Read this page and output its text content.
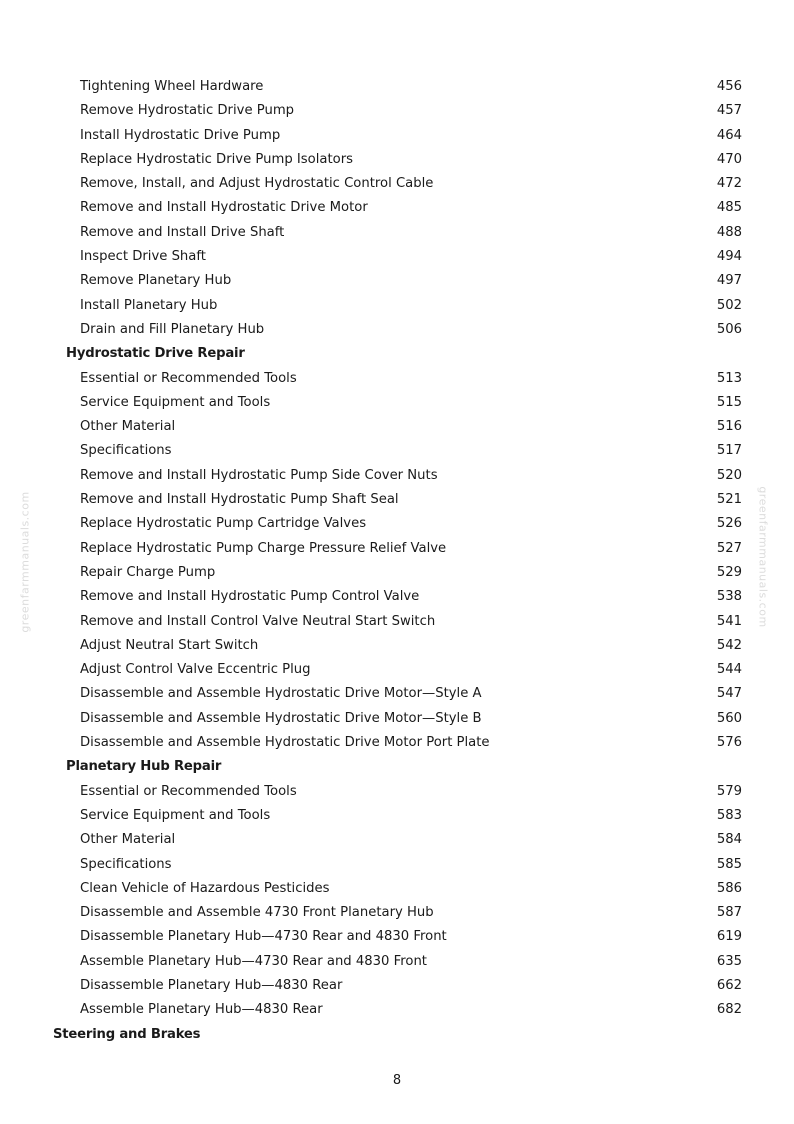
Tightening Wheel Hardware	456
Remove Hydrostatic Drive Pump	457
Install Hydrostatic Drive Pump	464
Replace Hydrostatic Drive Pump Isolators	470
Remove, Install, and Adjust Hydrostatic Control Cable	472
Remove and Install Hydrostatic Drive Motor	485
Remove and Install Drive Shaft	488
Inspect Drive Shaft	494
Remove Planetary Hub	497
Install Planetary Hub	502
Drain and Fill Planetary Hub	506
Hydrostatic Drive Repair
Essential or Recommended Tools	513
Service Equipment and Tools	515
Other Material	516
Specifications	517
Remove and Install Hydrostatic Pump Side Cover Nuts	520
Remove and Install Hydrostatic Pump Shaft Seal	521
Replace Hydrostatic Pump Cartridge Valves	526
Replace Hydrostatic Pump Charge Pressure Relief Valve	527
Repair Charge Pump	529
Remove and Install Hydrostatic Pump Control Valve	538
Remove and Install Control Valve Neutral Start Switch	541
Adjust Neutral Start Switch	542
Adjust Control Valve Eccentric Plug	544
Disassemble and Assemble Hydrostatic Drive Motor—Style A	547
Disassemble and Assemble Hydrostatic Drive Motor—Style B	560
Disassemble and Assemble Hydrostatic Drive Motor Port Plate	576
Planetary Hub Repair
Essential or Recommended Tools	579
Service Equipment and Tools	583
Other Material	584
Specifications	585
Clean Vehicle of Hazardous Pesticides	586
Disassemble and Assemble 4730 Front Planetary Hub	587
Disassemble Planetary Hub—4730 Rear and 4830 Front	619
Assemble Planetary Hub—4730 Rear and 4830 Front	635
Disassemble Planetary Hub—4830 Rear	662
Assemble Planetary Hub—4830 Rear	682
Steering and Brakes
greenfarmmanuals.com	greenfarmmanuals.com
8
